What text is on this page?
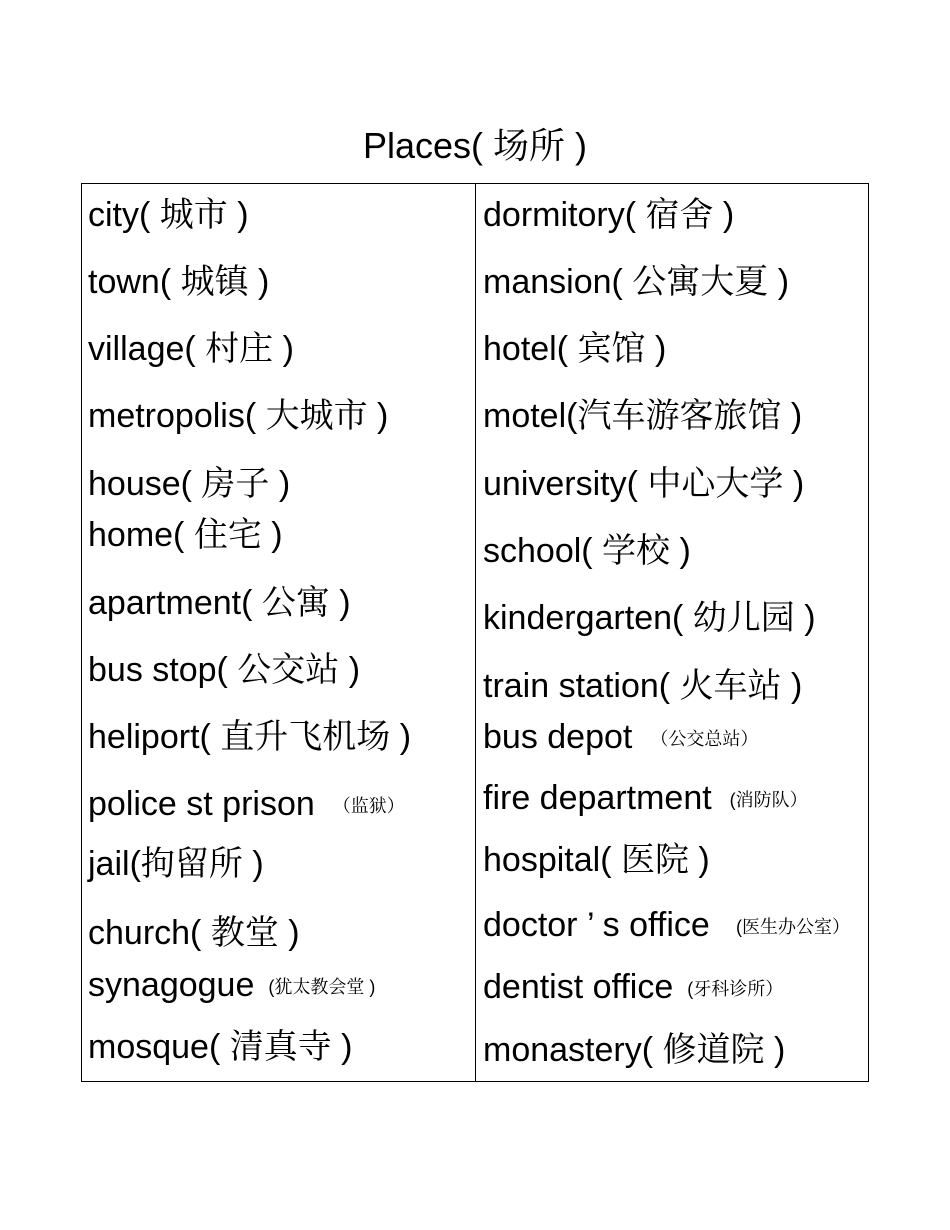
Places( 场所 )
city( 城市 )
town( 城镇 )
village( 村庄 )
metropolis( 大城市 )
house( 房子 )
home( 住宅 )
apartment( 公寓 )
bus stop( 公交站 )
heliport( 直升飞机场 )
police st prison （监狱）
jail(拘留所 )
church( 教堂 )
synagogue (犹太教会堂 )
mosque( 清真寺 )
dormitory( 宿舍 )
mansion( 公寓大夏 )
hotel( 宾馆 )
motel(汽车游客旅馆 )
university( 中心大学 )
school( 学校 )
kindergarten( 幼儿园 )
train station( 火车站 )
bus depot （公交总站）
fire department (消防队）
hospital( 医院 )
doctor ’ s office (医生办公室）
dentist office (牙科诊所）
monastery( 修道院 )
